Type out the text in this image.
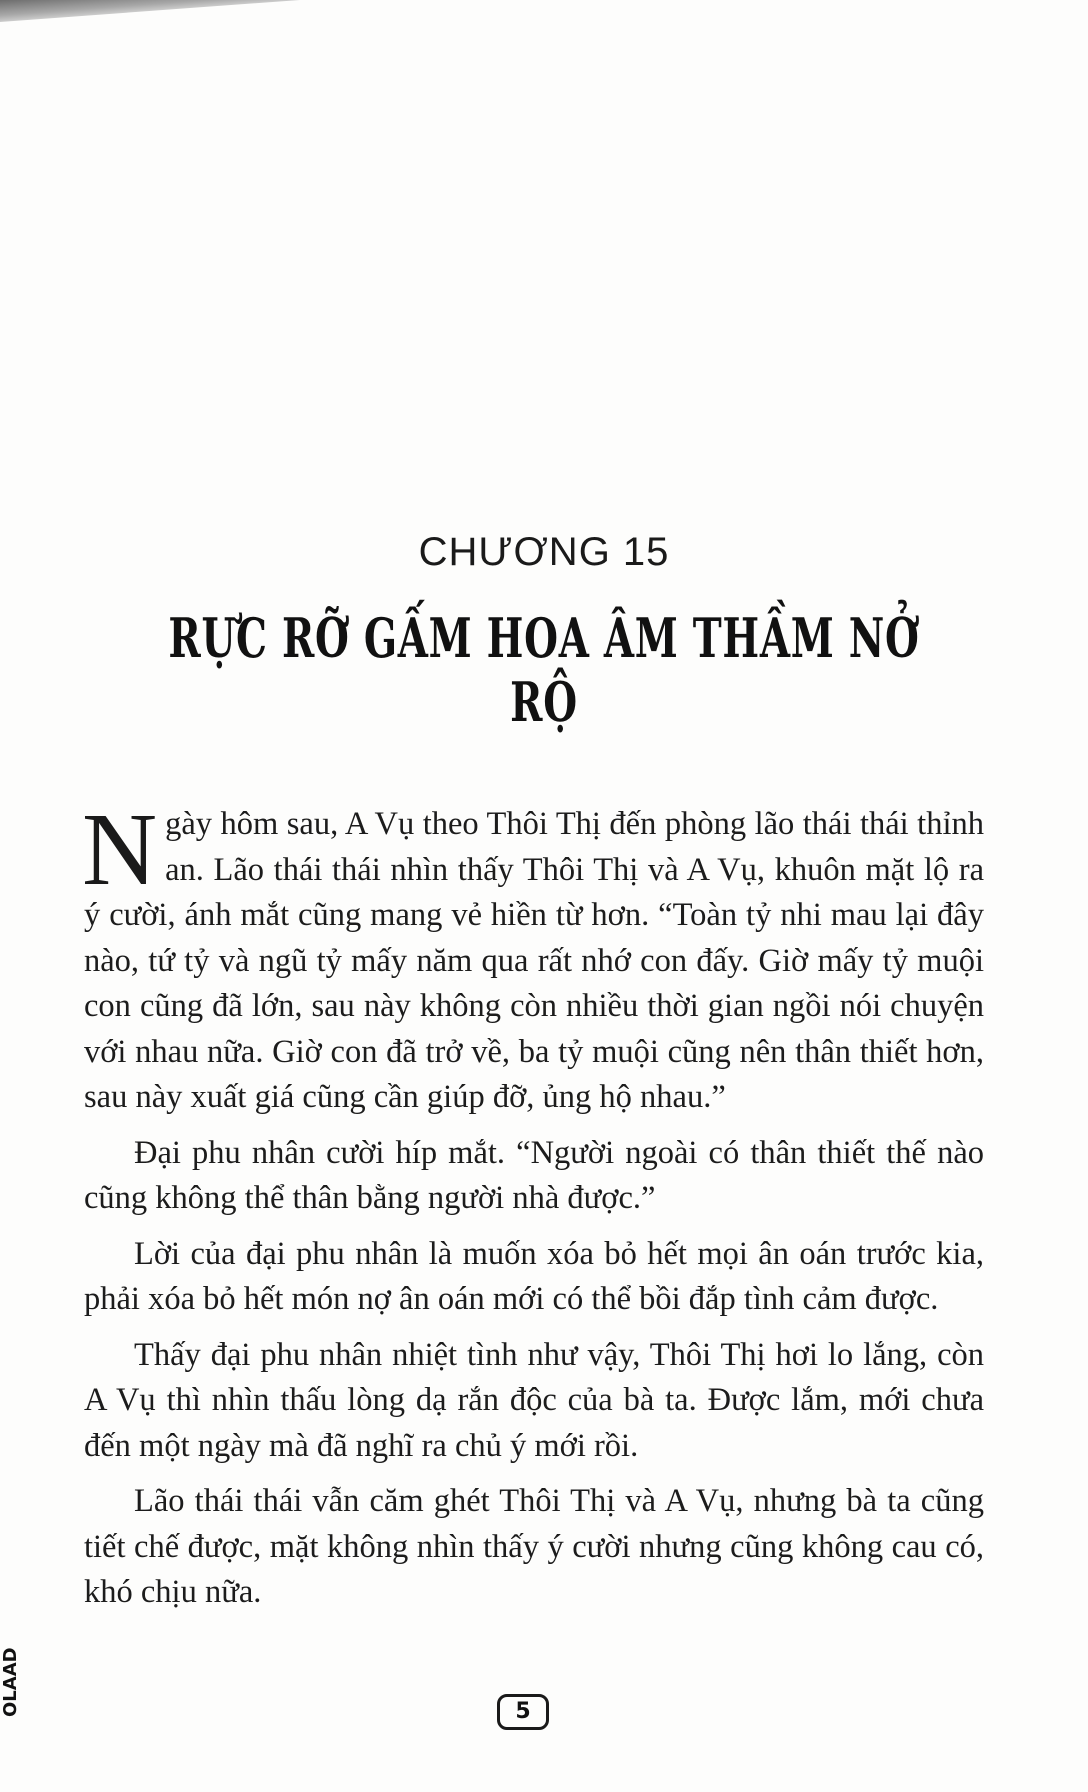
CHƯƠNG 15
RỰC RỠ GẤM HOA ÂM THẦM NỞ RỘ

Ngày hôm sau, A Vụ theo Thôi Thị đến phòng lão thái thái thỉnh an. Lão thái thái nhìn thấy Thôi Thị và A Vụ, khuôn mặt lộ ra ý cười, ánh mắt cũng mang vẻ hiền từ hơn. “Toàn tỷ nhi mau lại đây nào, tứ tỷ và ngũ tỷ mấy năm qua rất nhớ con đấy. Giờ mấy tỷ muội con cũng đã lớn, sau này không còn nhiều thời gian ngồi nói chuyện với nhau nữa. Giờ con đã trở về, ba tỷ muội cũng nên thân thiết hơn, sau này xuất giá cũng cần giúp đỡ, ủng hộ nhau.”

Đại phu nhân cười híp mắt. “Người ngoài có thân thiết thế nào cũng không thể thân bằng người nhà được.”

Lời của đại phu nhân là muốn xóa bỏ hết mọi ân oán trước kia, phải xóa bỏ hết món nợ ân oán mới có thể bồi đắp tình cảm được.

Thấy đại phu nhân nhiệt tình như vậy, Thôi Thị hơi lo lắng, còn A Vụ thì nhìn thấu lòng dạ rắn độc của bà ta. Được lắm, mới chưa đến một ngày mà đã nghĩ ra chủ ý mới rồi.

Lão thái thái vẫn căm ghét Thôi Thị và A Vụ, nhưng bà ta cũng tiết chế được, mặt không nhìn thấy ý cười nhưng cũng không cau có, khó chịu nữa.

OLAAD	5
